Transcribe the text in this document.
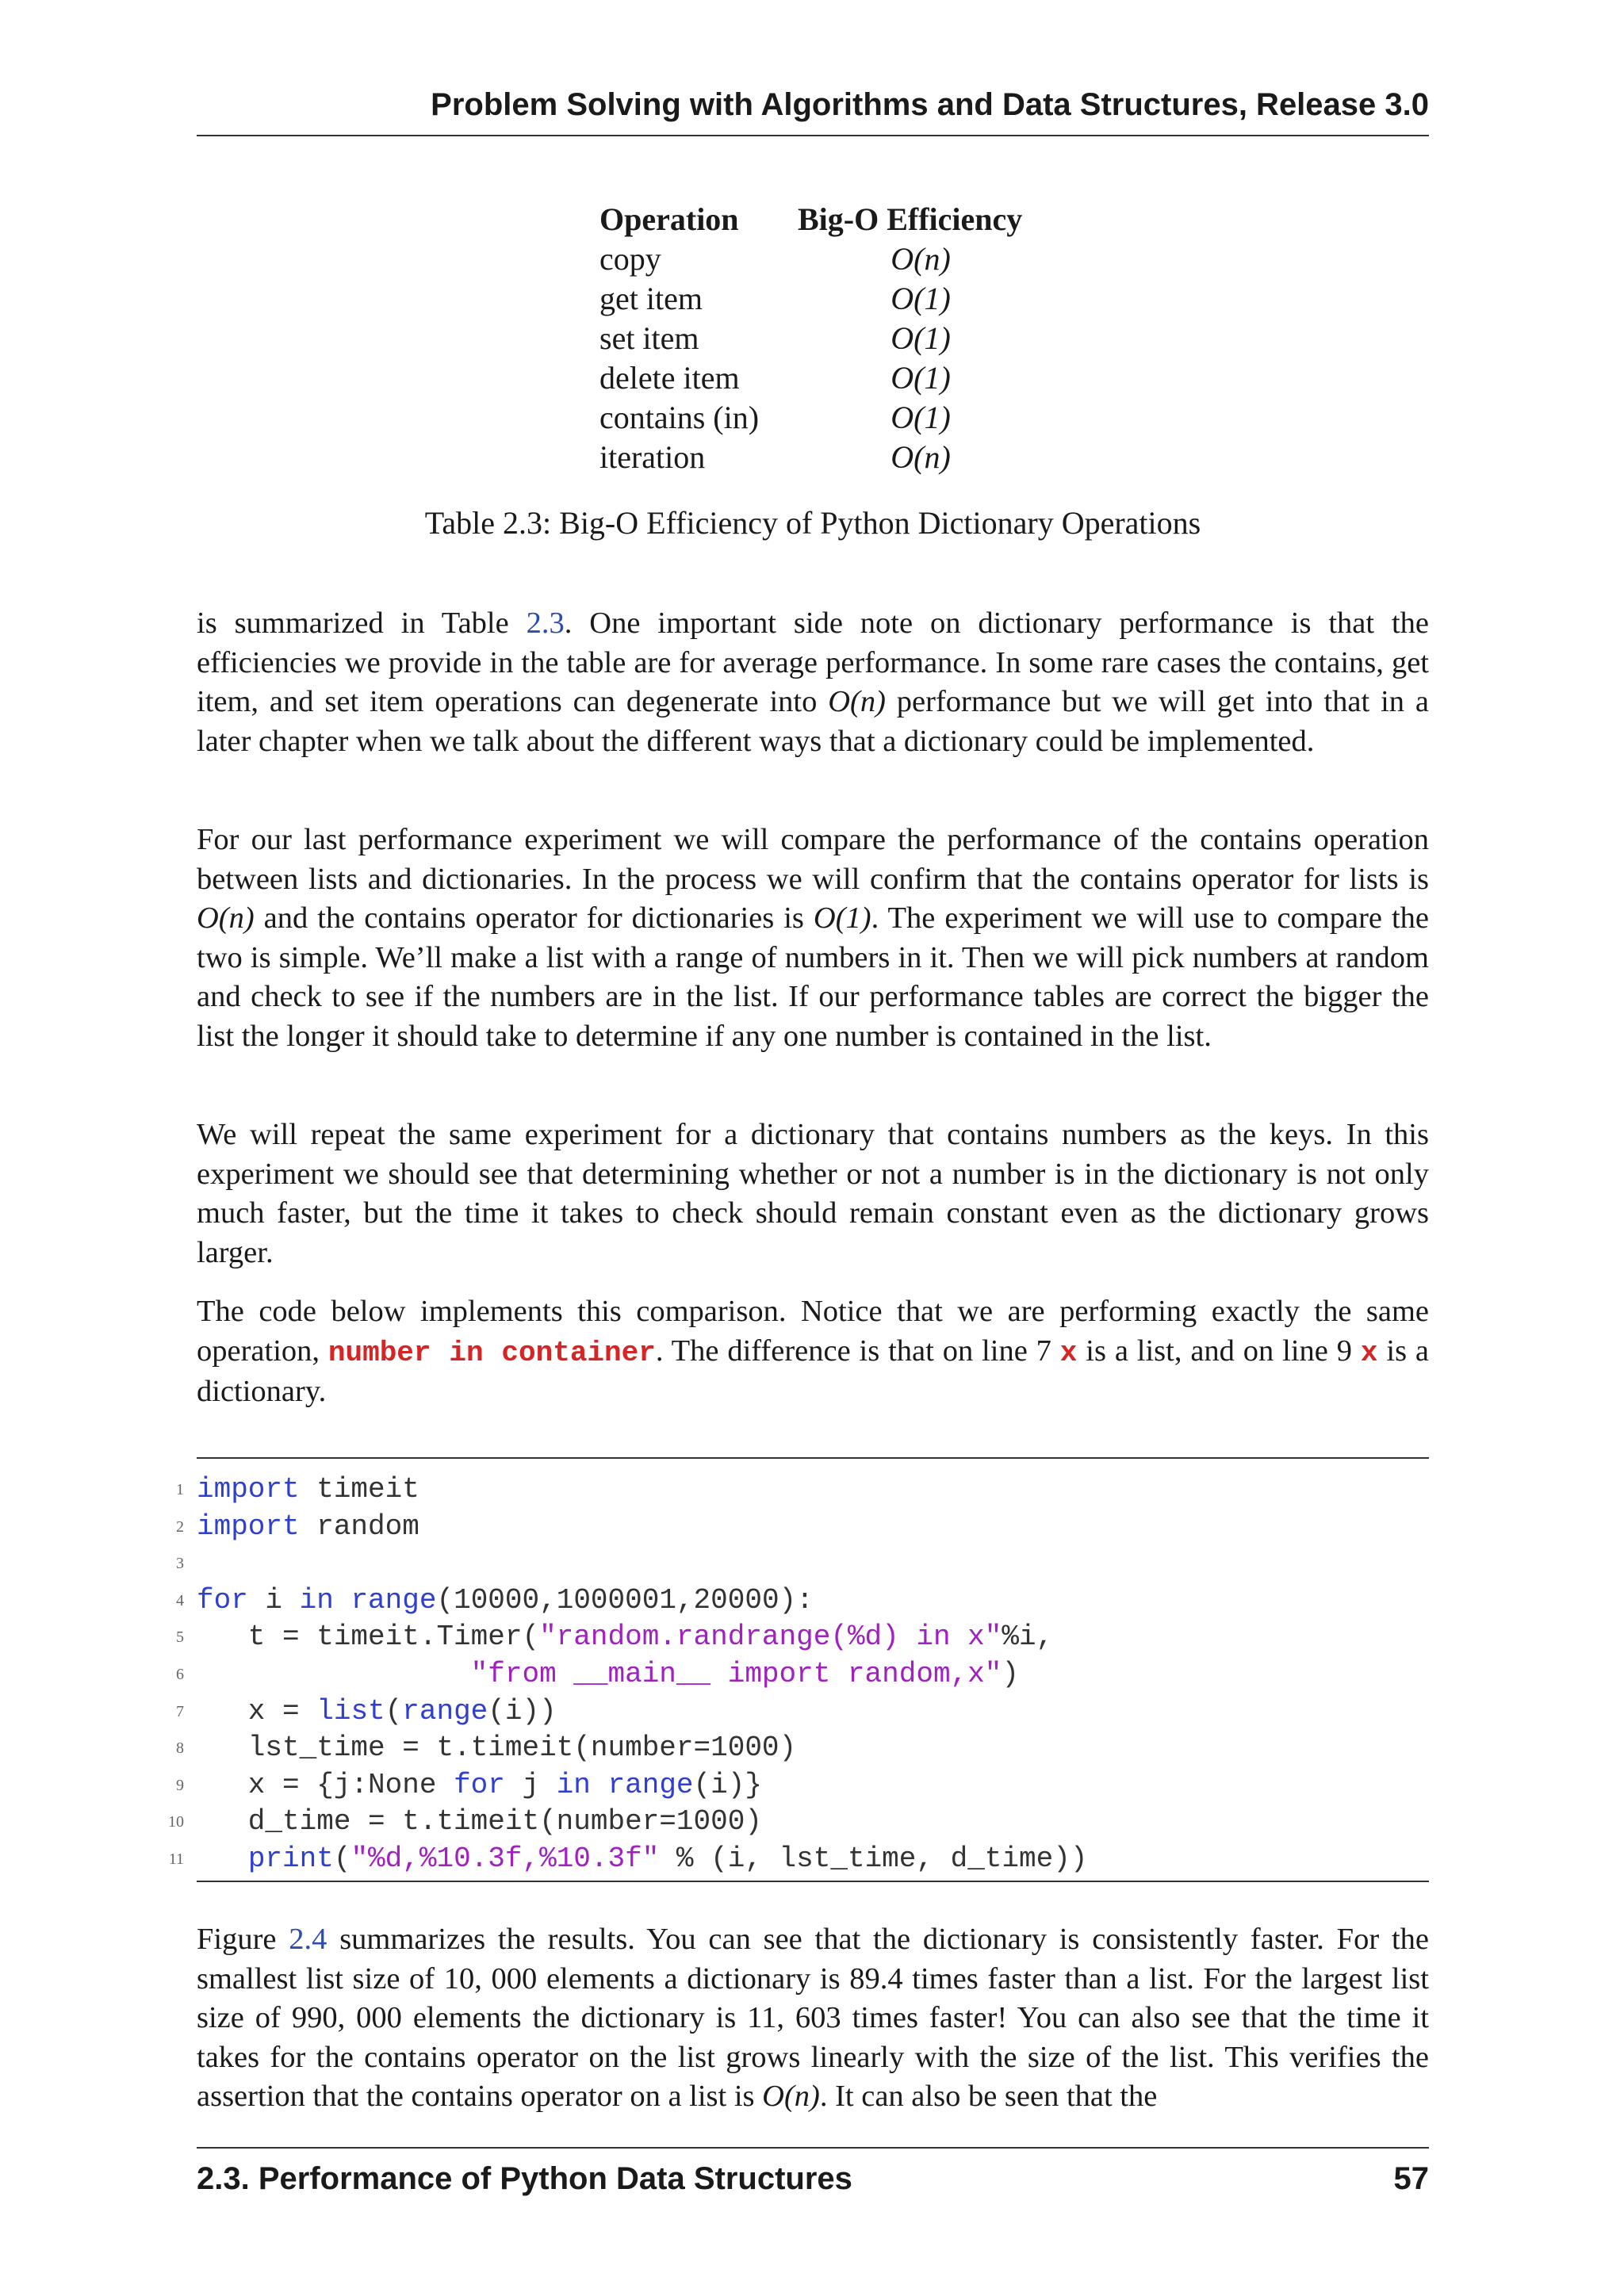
Problem Solving with Algorithms and Data Structures, Release 3.0
Operation	Big-O Efficiency
copy	O(n)
get item	O(1)
set item	O(1)
delete item	O(1)
contains (in)	O(1)
iteration	O(n)
Table 2.3: Big-O Efficiency of Python Dictionary Operations

is summarized in Table 2.3. One important side note on dictionary performance is that the efficiencies we provide in the table are for average performance. In some rare cases the contains, get item, and set item operations can degenerate into O(n) performance but we will get into that in a later chapter when we talk about the different ways that a dictionary could be implemented.

For our last performance experiment we will compare the performance of the contains operation between lists and dictionaries. In the process we will confirm that the contains operator for lists is O(n) and the contains operator for dictionaries is O(1). The experiment we will use to compare the two is simple. We’ll make a list with a range of numbers in it. Then we will pick numbers at random and check to see if the numbers are in the list. If our performance tables are correct the bigger the list the longer it should take to determine if any one number is contained in the list.

We will repeat the same experiment for a dictionary that contains numbers as the keys. In this experiment we should see that determining whether or not a number is in the dictionary is not only much faster, but the time it takes to check should remain constant even as the dictionary grows larger.

The code below implements this comparison. Notice that we are performing exactly the same operation, number in container. The difference is that on line 7 x is a list, and on line 9 x is a dictionary.

1 import timeit
2 import random
3
4 for i in range(10000,1000001,20000):
5 t = timeit.Timer("random.randrange(%d) in x"%i,
6	"from __main__ import random,x")
7 x = list(range(i))
8 lst_time = t.timeit(number=1000)
9 x = {j:None for j in range(i)}
10 d_time = t.timeit(number=1000)
11 print("%d,%10.3f,%10.3f" % (i, lst_time, d_time))

Figure 2.4 summarizes the results. You can see that the dictionary is consistently faster. For the smallest list size of 10, 000 elements a dictionary is 89.4 times faster than a list. For the largest list size of 990, 000 elements the dictionary is 11, 603 times faster! You can also see that the time it takes for the contains operator on the list grows linearly with the size of the list. This verifies the assertion that the contains operator on a list is O(n). It can also be seen that the

2.3. Performance of Python Data Structures	57
